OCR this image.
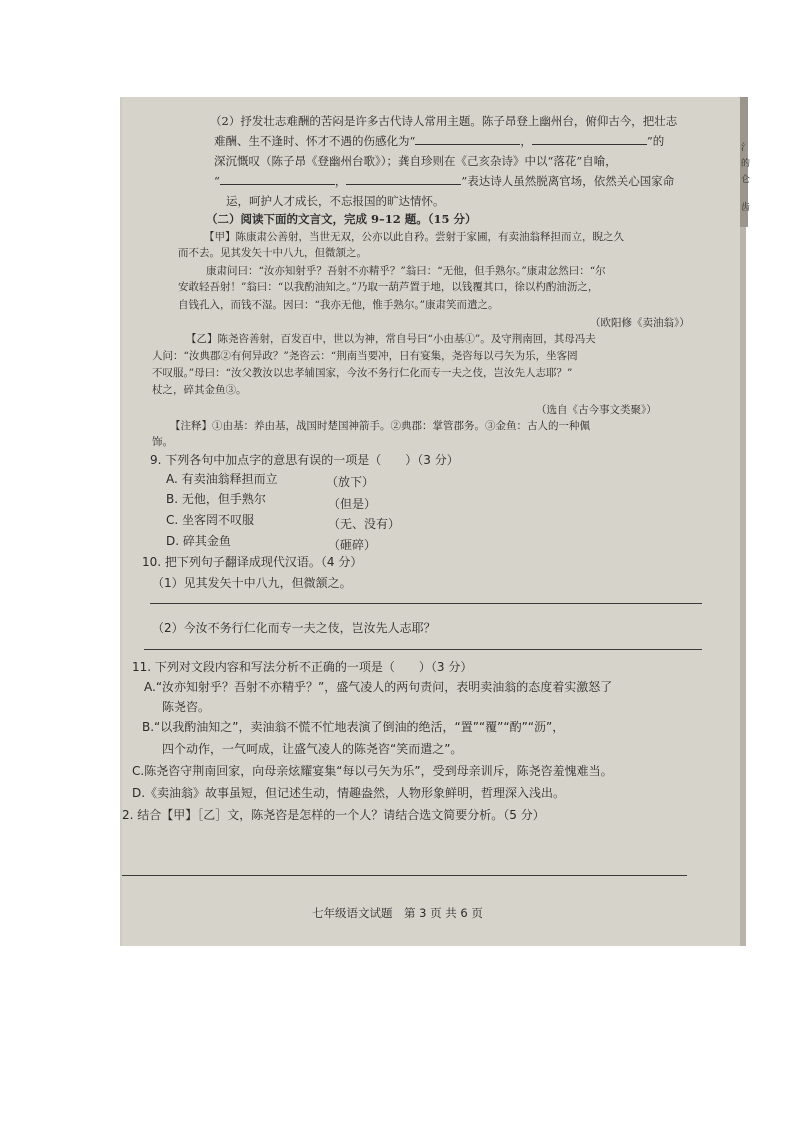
（2）抒发壮志难酬的苦闷是许多古代诗人常用主题。陈子昂登上幽州台，俯仰古今，把壮志
难酬、生不逢时、怀才不遇的伤感化为“	，	”的
深沉慨叹（陈子昂《登幽州台歌》）；龚自珍则在《己亥杂诗》中以“落花”自喻，
“	，	”表达诗人虽然脱离官场，依然关心国家命
运，呵护人才成长，不忘报国的旷达情怀。
（二）阅读下面的文言文，完成 9–12 题。（15 分）
【甲】陈康肃公善射，当世无双，公亦以此自矜。尝射于家圃，有卖油翁释担而立，睨之久
而不去。见其发矢十中八九，但微颔之。
康肃问曰：“汝亦知射乎？吾射不亦精乎？”翁曰：“无他，但手熟尔。”康肃忿然曰：“尔
安敢轻吾射！”翁曰：“以我酌油知之。”乃取一葫芦置于地，以钱覆其口，徐以杓酌油沥之，
自钱孔入，而钱不湿。因曰：“我亦无他，惟手熟尔。”康肃笑而遣之。
（欧阳修《卖油翁》）
【乙】陈尧咨善射，百发百中，世以为神，常自号曰“小由基①”。及守荆南回，其母冯夫
人问：“汝典郡②有何异政？”尧咨云：“荆南当要冲，日有宴集，尧咨每以弓矢为乐，坐客罔
不叹服。”母曰：“汝父教汝以忠孝辅国家，今汝不务行仁化而专一夫之伎，岂汝先人志耶？”
杖之，碎其金鱼③。
（选自《古今事文类聚》）
【注释】①由基：养由基，战国时楚国神箭手。②典郡：掌管郡务。③金鱼：古人的一种佩
饰。
9. 下列各句中加点字的意思有误的一项是（　　）（3 分）
A. 有卖油翁释担而立	（放下）
B. 无他，但手熟尔	（但是）
C. 坐客罔不叹服	（无、没有）
D. 碎其金鱼	（砸碎）
10. 把下列句子翻译成现代汉语。（4 分）
（1）见其发矢十中八九，但微颔之。
（2）今汝不务行仁化而专一夫之伎，岂汝先人志耶？
11. 下列对文段内容和写法分析不正确的一项是（　　）（3 分）
A.“汝亦知射乎？吾射不亦精乎？”，盛气凌人的两句责问，表明卖油翁的态度着实激怒了
陈尧咨。
B.“以我酌油知之”，卖油翁不慌不忙地表演了倒油的绝活，“置”“覆”“酌”“沥”，
四个动作，一气呵成，让盛气凌人的陈尧咨“笑而遣之”。
C.陈尧咨守荆南回家，向母亲炫耀宴集“每以弓矢为乐”，受到母亲训斥，陈尧咨羞愧难当。
D.《卖油翁》故事虽短，但记述生动，情趣盎然，人物形象鲜明，哲理深入浅出。
2. 结合【甲】［乙］文，陈尧咨是怎样的一个人？请结合选文简要分析。（5 分）
七年级语文试题　第 3 页 共 6 页
氵
的
仑
齿
